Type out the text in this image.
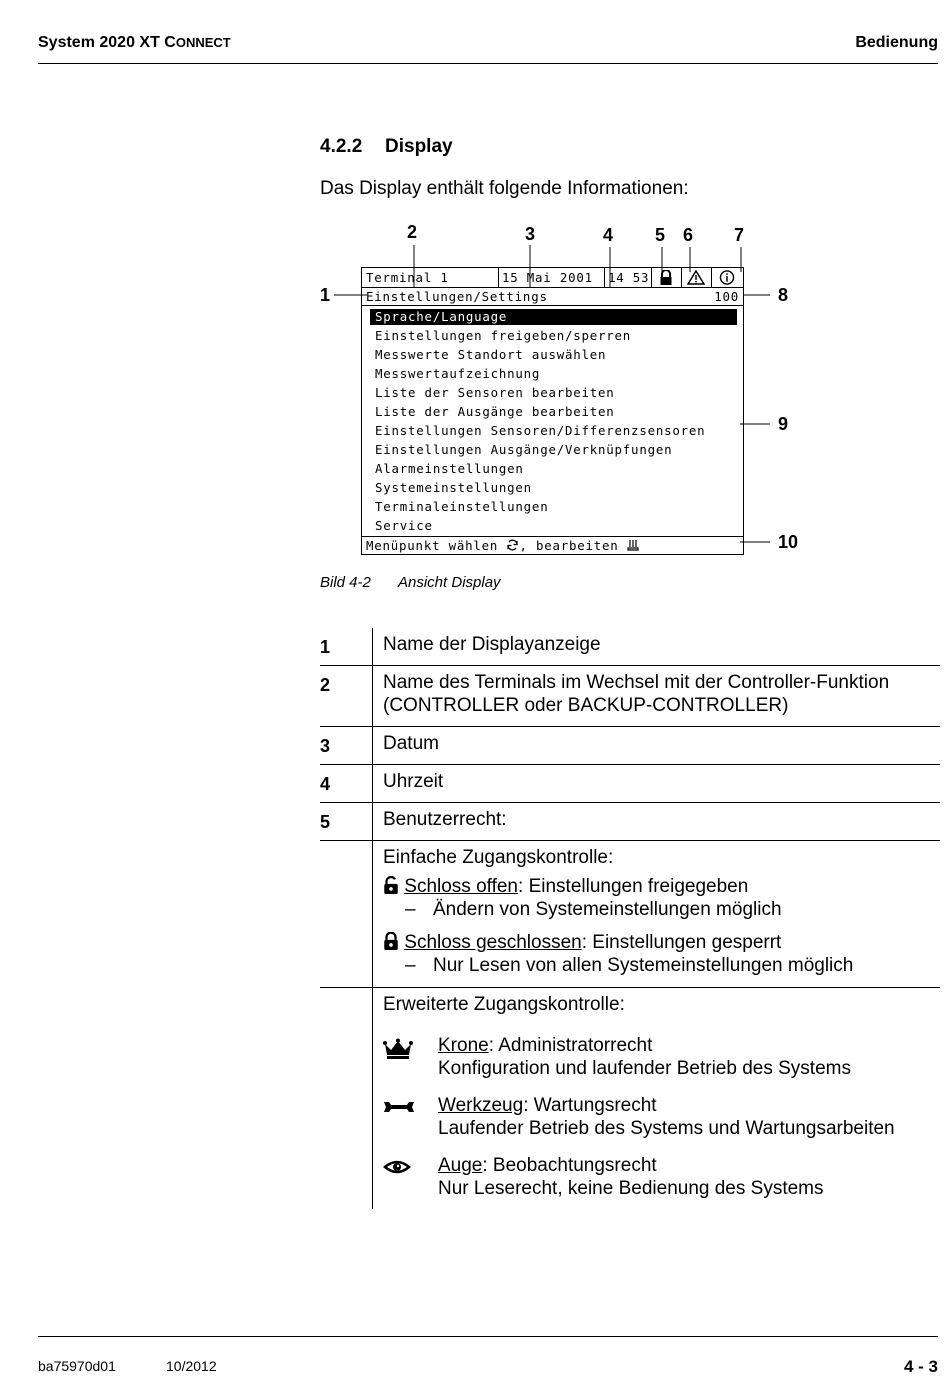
System 2020 XT CONNECT	Bedienung
4.2.2 Display
Das Display enthält folgende Informationen:
2	3	4 5 6 7
1	8
9
10
Terminal 1	15 Mai 2001 14 53
Einstellungen/Settings	100
Sprache/Language
Einstellungen freigeben/sperren
Messwerte Standort auswählen
Messwertaufzeichnung
Liste der Sensoren bearbeiten
Liste der Ausgänge bearbeiten
Einstellungen Sensoren/Differenzsensoren
Einstellungen Ausgänge/Verknüpfungen
Alarmeinstellungen
Systemeinstellungen
Terminaleinstellungen
Service
Menüpunkt wählen , bearbeiten
Bild 4-2 Ansicht Display
1	Name der Displayanzeige
2	Name des Terminals im Wechsel mit der Controller-Funktion
(CONTROLLER oder BACKUP-CONTROLLER)
3	Datum
4	Uhrzeit
5	Benutzerrecht:
Einfache Zugangskontrolle:
Schloss offen: Einstellungen freigegeben
– Ändern von Systemeinstellungen möglich
Schloss geschlossen: Einstellungen gesperrt
– Nur Lesen von allen Systemeinstellungen möglich
Erweiterte Zugangskontrolle:
Krone: Administratorrecht
Konfiguration und laufender Betrieb des Systems
Werkzeug: Wartungsrecht
Laufender Betrieb des Systems und Wartungsarbeiten
Auge: Beobachtungsrecht
Nur Leserecht, keine Bedienung des Systems
ba75970d01	10/2012	4 - 3
